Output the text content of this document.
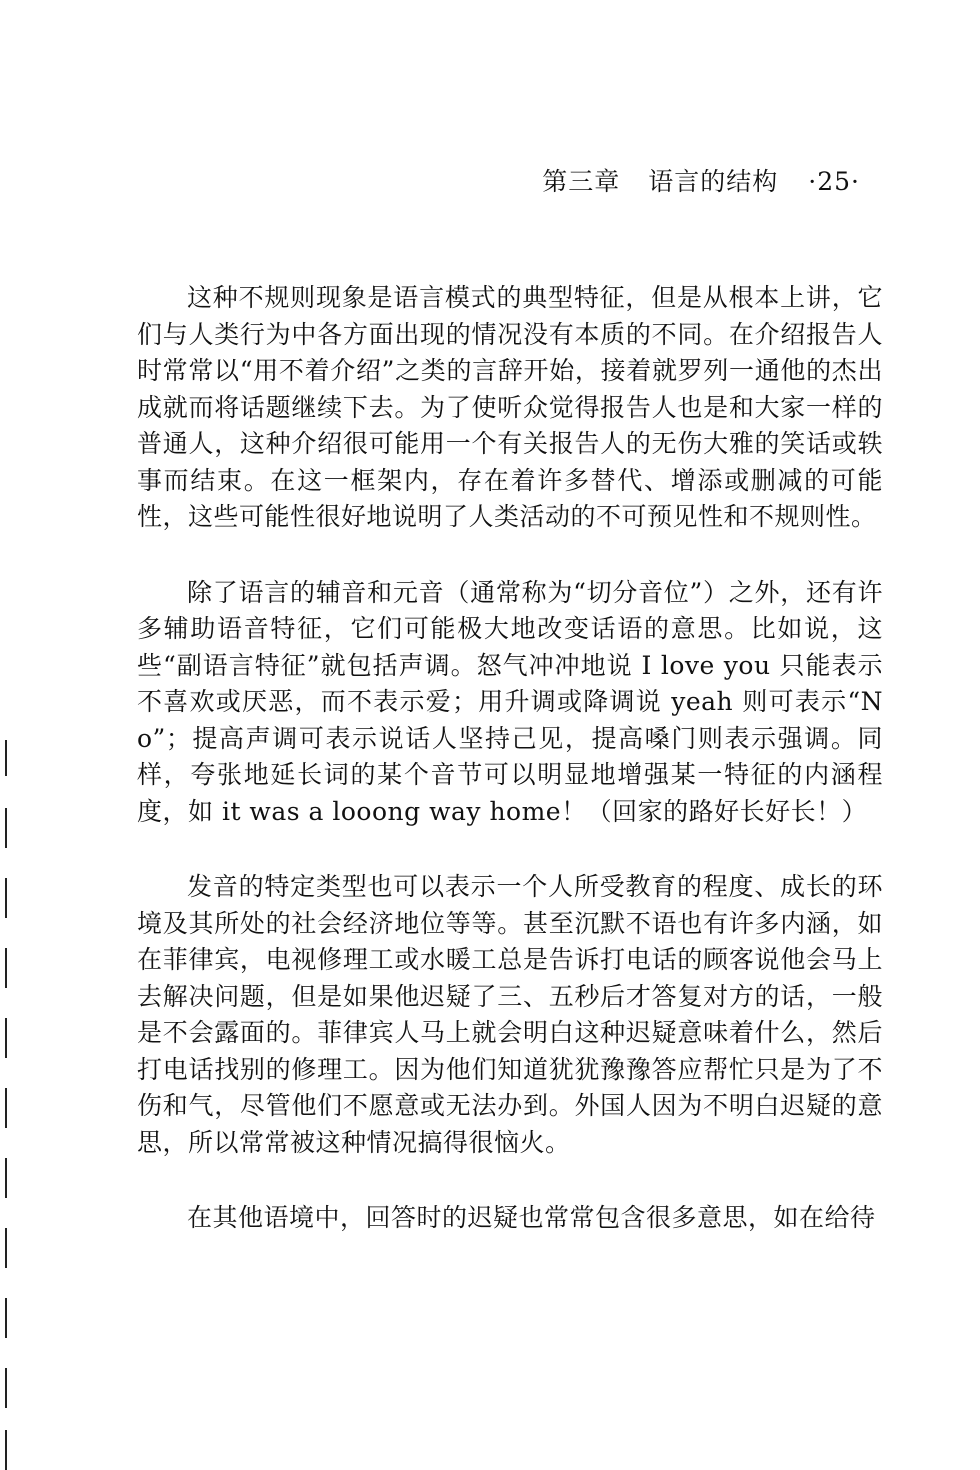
第三章 语言的结构 ·25·

这种不规则现象是语言模式的典型特征，但是从根本上讲，它们与人类行为中各方面出现的情况没有本质的不同。在介绍报告人时常常以“用不着介绍”之类的言辞开始，接着就罗列一通他的杰出成就而将话题继续下去。为了使听众觉得报告人也是和大家一样的普通人，这种介绍很可能用一个有关报告人的无伤大雅的笑话或轶事而结束。在这一框架内，存在着许多替代、增添或删减的可能性，这些可能性很好地说明了人类活动的不可预见性和不规则性。

除了语言的辅音和元音（通常称为“切分音位”）之外，还有许多辅助语音特征，它们可能极大地改变话语的意思。比如说，这些“副语言特征”就包括声调。怒气冲冲地说 I love you 只能表示不喜欢或厌恶，而不表示爱；用升调或降调说 yeah 则可表示“No”；提高声调可表示说话人坚持己见，提高嗓门则表示强调。同样，夸张地延长词的某个音节可以明显地增强某一特征的内涵程度，如 it was a looong way home！（回家的路好长好长！）

发音的特定类型也可以表示一个人所受教育的程度、成长的环境及其所处的社会经济地位等等。甚至沉默不语也有许多内涵，如在菲律宾，电视修理工或水暖工总是告诉打电话的顾客说他会马上去解决问题，但是如果他迟疑了三、五秒后才答复对方的话，一般是不会露面的。菲律宾人马上就会明白这种迟疑意味着什么，然后打电话找别的修理工。因为他们知道犹犹豫豫答应帮忙只是为了不伤和气，尽管他们不愿意或无法办到。外国人因为不明白迟疑的意思，所以常常被这种情况搞得很恼火。

在其他语境中，回答时的迟疑也常常包含很多意思，如在给待
